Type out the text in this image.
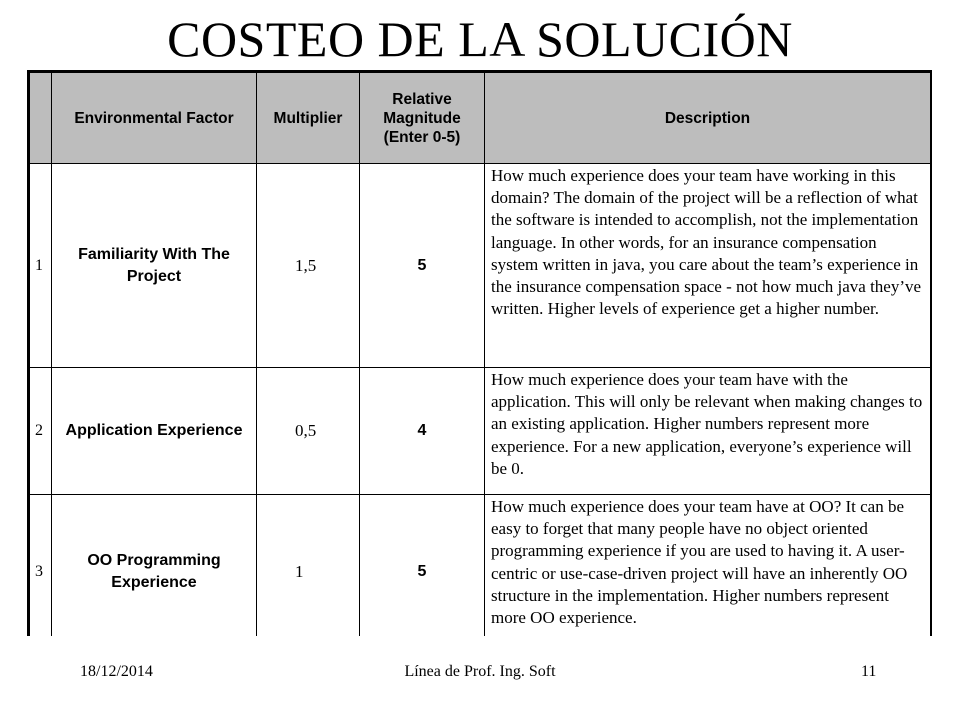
COSTEO DE LA SOLUCIÓN
	Environmental Factor	Multiplier	Relative Magnitude (Enter 0-5)	Description
1	Familiarity With The Project	1,5	5	How much experience does your team have working in this domain? The domain of the project will be a reflection of what the software is intended to accomplish, not the implementation language. In other words, for an insurance compensation system written in java, you care about the team’s experience in the insurance compensation space - not how much java they’ve written. Higher levels of experience get a higher number.
2	Application Experience	0,5	4	How much experience does your team have with the application. This will only be relevant when making changes to an existing application. Higher numbers represent more experience. For a new application, everyone’s experience will be 0.
3	OO Programming Experience	1	5	How much experience does your team have at OO? It can be easy to forget that many people have no object oriented programming experience if you are used to having it. A user-centric or use-case-driven project will have an inherently OO structure in the implementation. Higher numbers represent more OO experience.
18/12/2014	Línea de Prof. Ing. Soft	11
